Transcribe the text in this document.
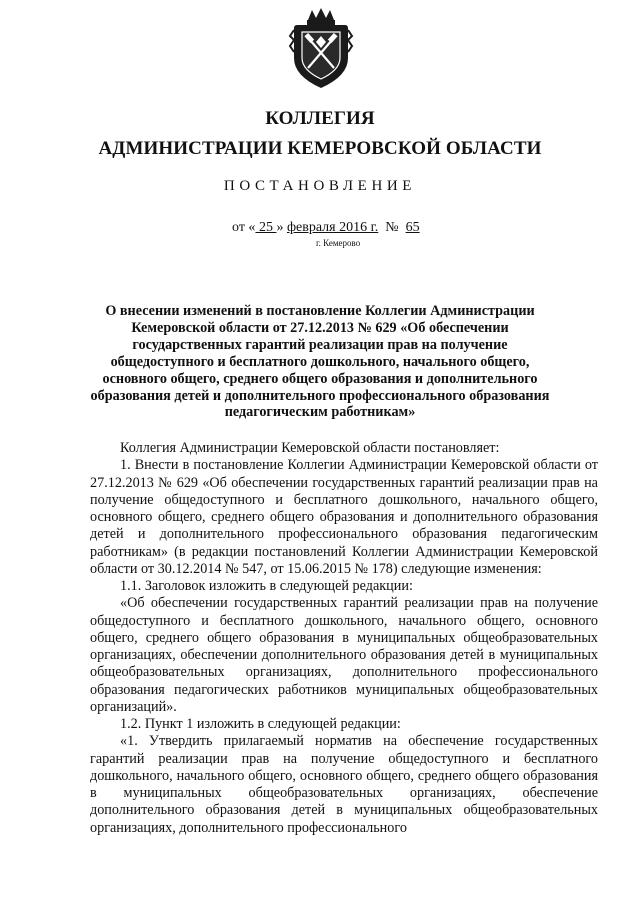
КОЛЛЕГИЯ
АДМИНИСТРАЦИИ КЕМЕРОВСКОЙ ОБЛАСТИ
ПОСТАНОВЛЕНИЕ
от « 25 » февраля 2016 г.  №  65
г. Кемерово
О внесении изменений в постановление Коллегии Администрации Кемеровской области от 27.12.2013 № 629 «Об обеспечении государственных гарантий реализации прав на получение общедоступного и бесплатного дошкольного, начального общего, основного общего, среднего общего образования и дополнительного образования детей и дополнительного профессионального образования педагогическим работникам»

Коллегия Администрации Кемеровской области постановляет:

1. Внести в постановление Коллегии Администрации Кемеровской области от 27.12.2013 № 629 «Об обеспечении государственных гарантий реализации прав на получение общедоступного и бесплатного дошкольного, начального общего, основного общего, среднего общего образования и дополнительного образования детей и дополнительного профессионального образования педагогическим работникам» (в редакции постановлений Коллегии Администрации Кемеровской области от 30.12.2014 № 547, от 15.06.2015 № 178) следующие изменения:

1.1. Заголовок изложить в следующей редакции:

«Об обеспечении государственных гарантий реализации прав на получение общедоступного и бесплатного дошкольного, начального общего, основного общего, среднего общего образования в муниципальных общеобразовательных организациях, обеспечении дополнительного образования детей в муниципальных общеобразовательных организациях, дополнительного профессионального образования педагогических работников муниципальных общеобразовательных организаций».

1.2. Пункт 1 изложить в следующей редакции:

«1. Утвердить прилагаемый норматив на обеспечение государственных гарантий реализации прав на получение общедоступного и бесплатного дошкольного, начального общего, основного общего, среднего общего образования в муниципальных общеобразовательных организациях, обеспечение дополнительного образования детей в муниципальных общеобразовательных организациях, дополнительного профессионального
